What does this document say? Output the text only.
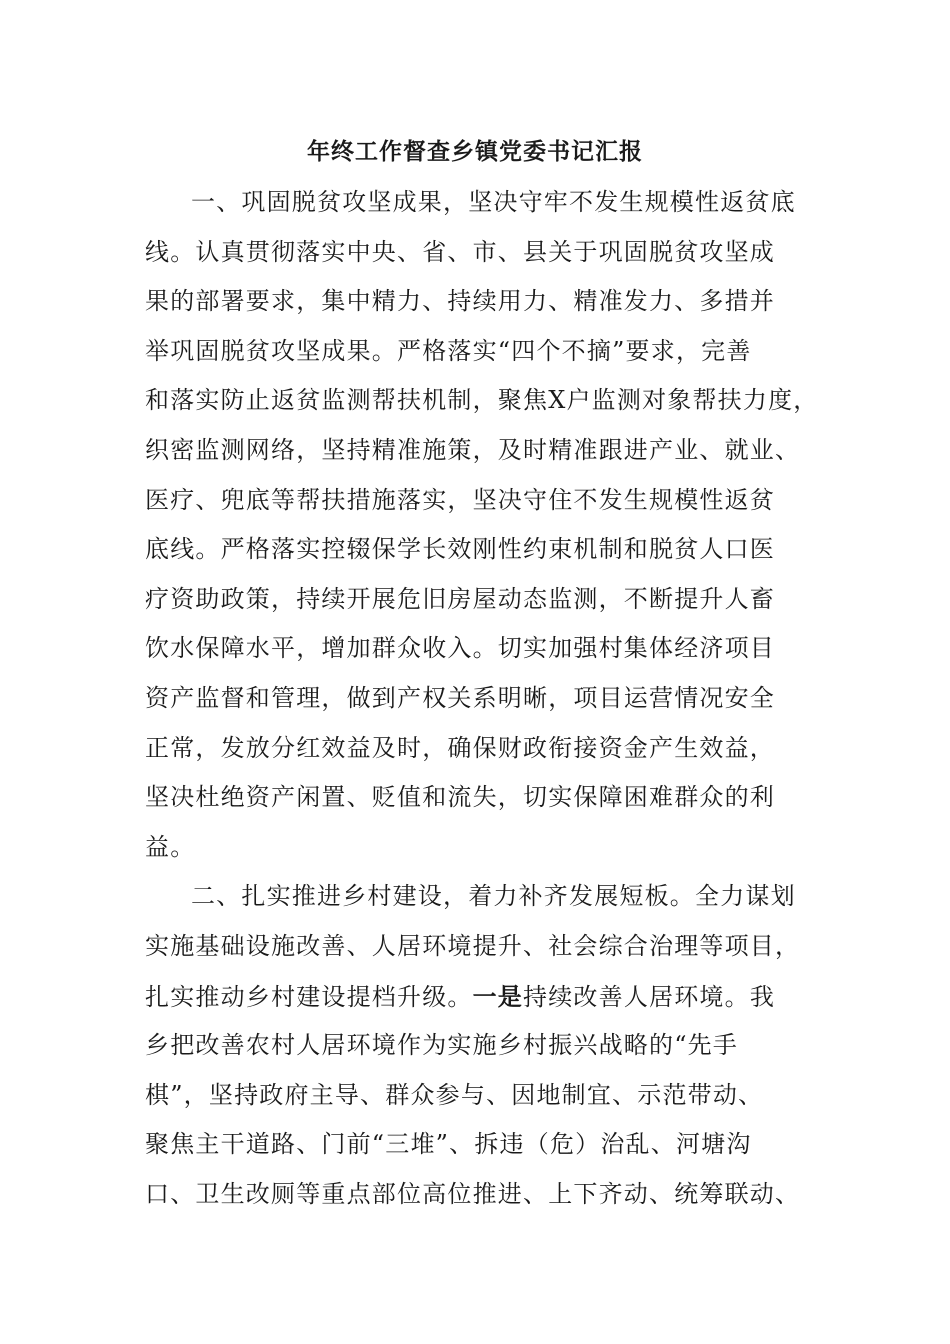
年终工作督查乡镇党委书记汇报
一、巩固脱贫攻坚成果，坚决守牢不发生规模性返贫底
线。认真贯彻落实中央、省、市、县关于巩固脱贫攻坚成
果的部署要求，集中精力、持续用力、精准发力、多措并
举巩固脱贫攻坚成果。严格落实“四个不摘”要求，完善
和落实防止返贫监测帮扶机制，聚焦X户监测对象帮扶力度，
织密监测网络，坚持精准施策，及时精准跟进产业、就业、
医疗、兜底等帮扶措施落实，坚决守住不发生规模性返贫
底线。严格落实控辍保学长效刚性约束机制和脱贫人口医
疗资助政策，持续开展危旧房屋动态监测，不断提升人畜
饮水保障水平，增加群众收入。切实加强村集体经济项目
资产监督和管理，做到产权关系明晰，项目运营情况安全
正常，发放分红效益及时，确保财政衔接资金产生效益，
坚决杜绝资产闲置、贬值和流失，切实保障困难群众的利
益。
二、扎实推进乡村建设，着力补齐发展短板。全力谋划
实施基础设施改善、人居环境提升、社会综合治理等项目，
扎实推动乡村建设提档升级。一是持续改善人居环境。我
乡把改善农村人居环境作为实施乡村振兴战略的“先手
棋”，坚持政府主导、群众参与、因地制宜、示范带动、
聚焦主干道路、门前“三堆”、拆违（危）治乱、河塘沟
口、卫生改厕等重点部位高位推进、上下齐动、统筹联动、
